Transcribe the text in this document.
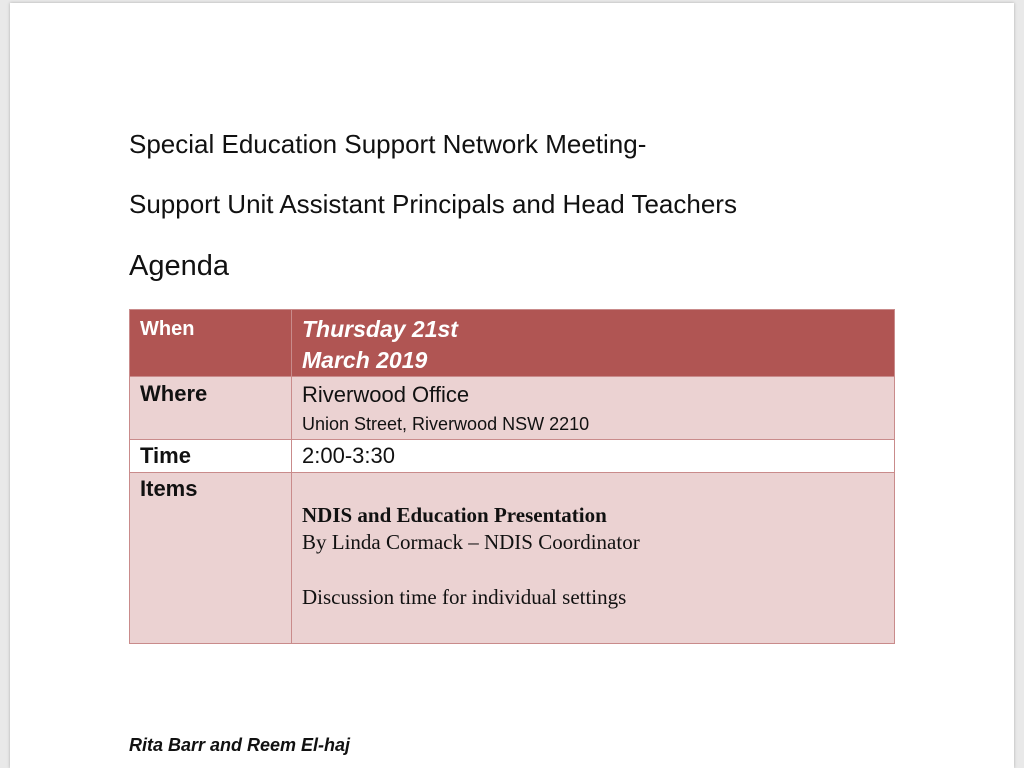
Special Education Support Network Meeting-
Support Unit Assistant Principals and Head Teachers
Agenda
When	Thursday 21st
March 2019

Where	Riverwood Office
Union Street, Riverwood NSW 2210

Time	2:00-3:30

Items	NDIS and Education Presentation
By Linda Cormack – NDIS Coordinator
Discussion time for individual settings
Rita Barr and Reem El-haj
